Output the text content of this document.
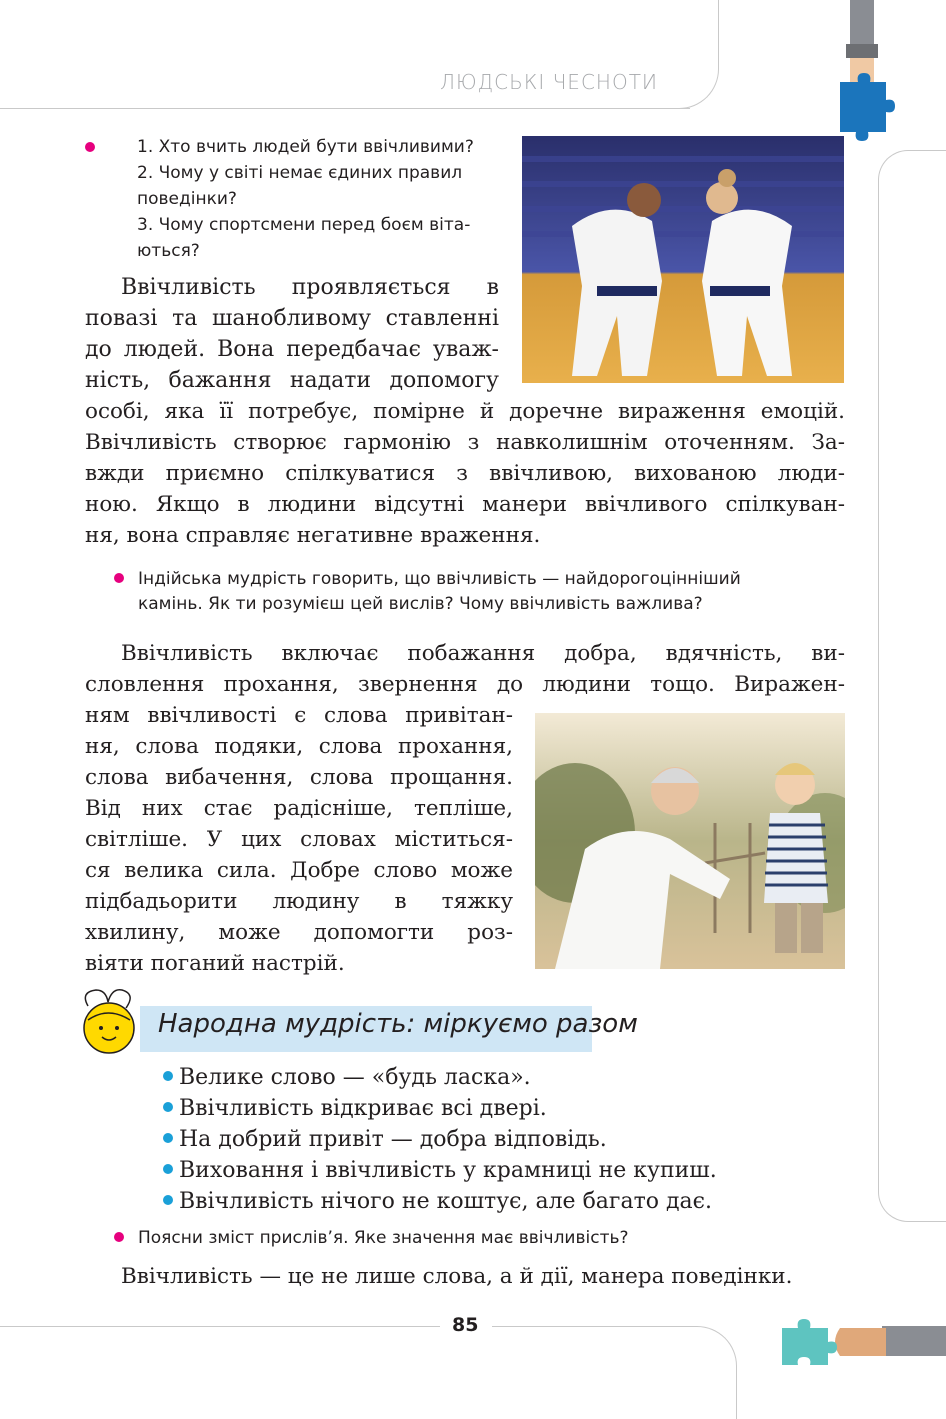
ЛЮДСЬКІ ЧЕСНОТИ
1. Хто вчить людей бути ввічливими?
2. Чому у світі немає єдиних правил
поведінки?
3. Чому спортсмени перед боєм віта-
ються?
Ввічливість проявляється в
повазі та шанобливому ставленні
до людей. Вона передбачає уваж-
ність, бажання надати допомогу
особі, яка її потребує, помірне й доречне вираження емоцій.
Ввічливість створює гармонію з навколишнім оточенням. За-
вжди приємно спілкуватися з ввічливою, вихованою люди-
ною. Якщо в людини відсутні манери ввічливого спілкуван-
ня, вона справляє негативне враження.
Індійська мудрість говорить, що ввічливість — найдорогоцінніший
камінь. Як ти розумієш цей вислів? Чому ввічливість важлива?
Ввічливість включає побажання добра, вдячність, ви-
словлення прохання, звернення до людини тощо. Виражен-
ням ввічливості є слова привітан-
ня, слова подяки, слова прохання,
слова вибачення, слова прощання.
Від них стає радісніше, тепліше,
світліше. У цих словах міститься-
ся велика сила. Добре слово може
підбадьорити людину в тяжку
хвилину, може допомогти роз-
віяти поганий настрій.
Народна мудрість: міркуємо разом
Велике слово — «будь ласка».
Ввічливість відкриває всі двері.
На добрий привіт — добра відповідь.
Виховання і ввічливість у крамниці не купиш.
Ввічливість нічого не коштує, але багато дає.
Поясни зміст прислів’я. Яке значення має ввічливість?
Ввічливість — це не лише слова, а й дії, манера поведінки.
85
